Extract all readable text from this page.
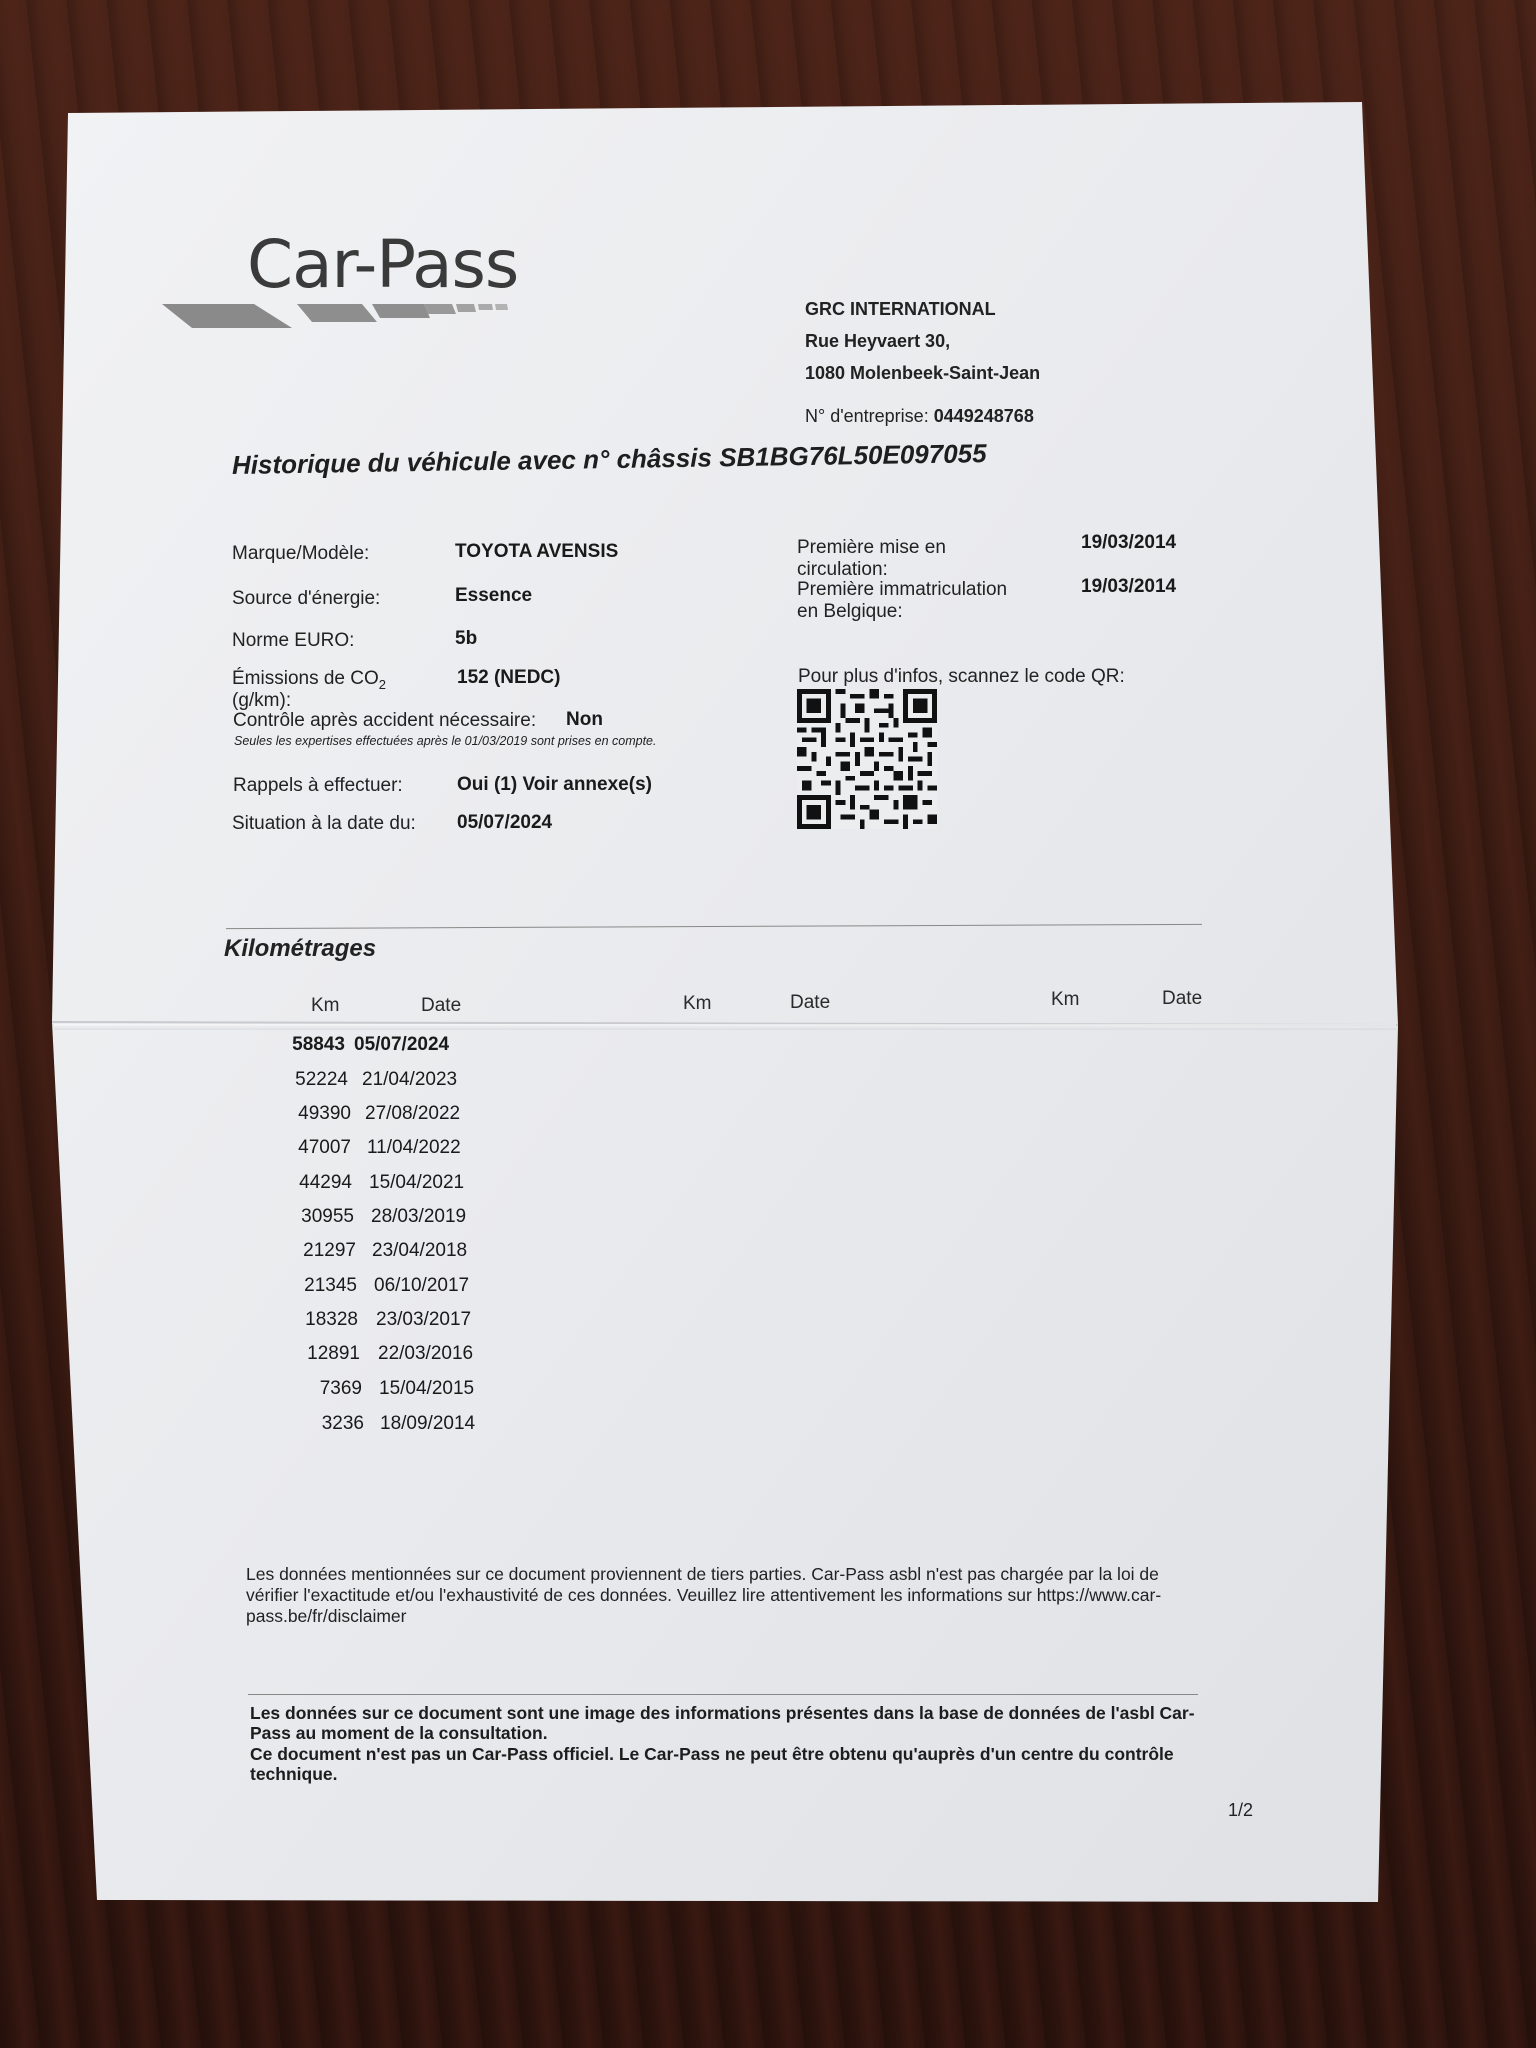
Car-Pass
GRC INTERNATIONAL
Rue Heyvaert 30,
1080 Molenbeek-Saint-Jean
N° d'entreprise: 0449248768
Historique du véhicule avec n° châssis SB1BG76L50E097055
Marque/Modèle:	TOYOTA AVENSIS
Source d'énergie:	Essence
Norme EURO:	5b
Émissions de $CO_2$
(g/km):
152 (NEDC)
Contrôle après accident nécessaire: Non
Seules les expertises effectuées après le 01/03/2019 sont prises en compte.
Rappels à effectuer:	Oui (1) Voir annexe(s)
Situation à la date du: 05/07/2024
Première mise en
circulation:
19/03/2014
Première immatriculation
en Belgique:
19/03/2014
Pour plus d'infos, scannez le code QR:
Kilométrages
Km	Date	Km	Date	Km	Date
58843 05/07/2024
52224 21/04/2023
49390 27/08/2022
47007 11/04/2022
44294 15/04/2021
30955 28/03/2019
21297 23/04/2018
21345 06/10/2017
18328 23/03/2017
12891 22/03/2016
7369 15/04/2015
3236 18/09/2014
Les données mentionnées sur ce document proviennent de tiers parties. Car-Pass asbl n'est pas chargée par la loi de vérifier l'exactitude et/ou l'exhaustivité de ces données. Veuillez lire attentivement les informations sur https://www.car-pass.be/fr/disclaimer
Les données sur ce document sont une image des informations présentes dans la base de données de l'asbl Car-Pass au moment de la consultation.
Ce document n'est pas un Car-Pass officiel. Le Car-Pass ne peut être obtenu qu'auprès d'un centre du contrôle technique.
1/2
